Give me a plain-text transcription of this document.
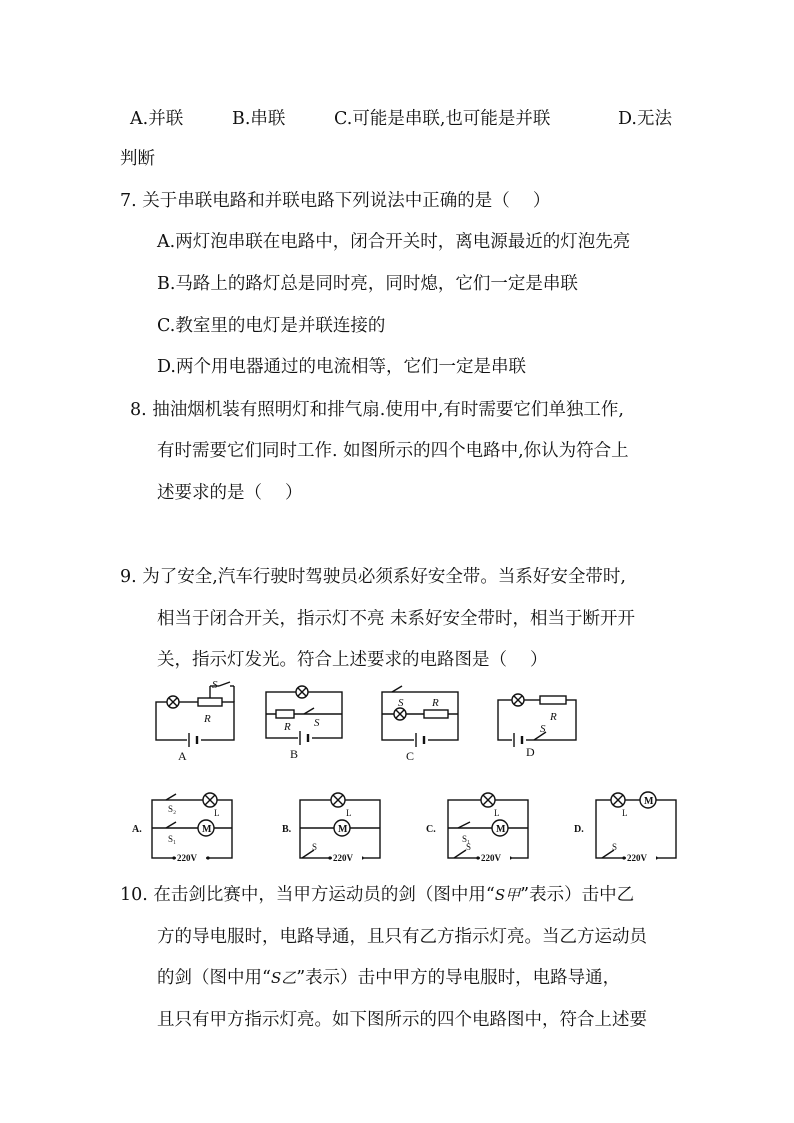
A.并联	B.串联	C.可能是串联,也可能是并联	D.无法
判断
7. 关于串联电路和并联电路下列说法中正确的是（　 ）
A.两灯泡串联在电路中，闭合开关时，离电源最近的灯泡先亮
B.马路上的路灯总是同时亮，同时熄，它们一定是串联
C.教室里的电灯是并联连接的
D.两个用电器通过的电流相等，它们一定是串联
8. 抽油烟机装有照明灯和排气扇.使用中,有时需要它们单独工作,
有时需要它们同时工作. 如图所示的四个电路中,你认为符合上
述要求的是（　 ）
9. 为了安全,汽车行驶时驾驶员必须系好安全带。当系好安全带时,
相当于闭合开关，指示灯不亮 未系好安全带时，相当于断开开
关，指示灯发光。符合上述要求的电路图是（　 ）
S
R
A
R S
B
S	R
C
R
S
D
A.	M
S₂
S₁
L
220V
B.
L
M
S
220V
C.
L
M
S₁
S
220V
D.
L
M
S
220V
10. 在击剑比赛中，当甲方运动员的剑（图中用“S甲”表示）击中乙
方的导电服时，电路导通，且只有乙方指示灯亮。当乙方运动员
的剑（图中用“S乙”表示）击中甲方的导电服时，电路导通，
且只有甲方指示灯亮。如下图所示的四个电路图中，符合上述要
